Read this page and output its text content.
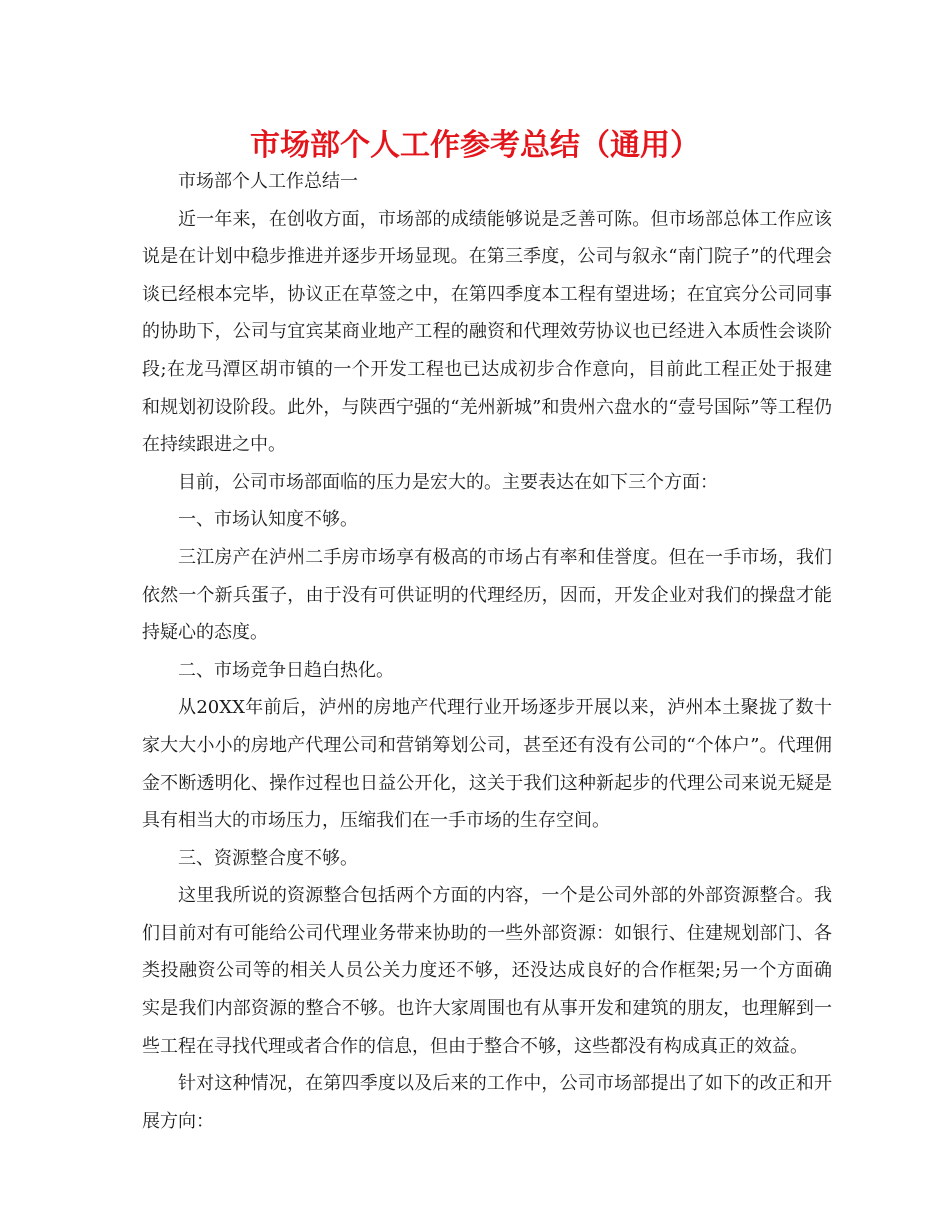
市场部个人工作参考总结（通用）

市场部个人工作总结一

近一年来，在创收方面，市场部的成绩能够说是乏善可陈。但市场部总体工作应该说是在计划中稳步推进并逐步开场显现。在第三季度，公司与叙永“南门院子”的代理会谈已经根本完毕，协议正在草签之中，在第四季度本工程有望进场；在宜宾分公司同事的协助下，公司与宜宾某商业地产工程的融资和代理效劳协议也已经进入本质性会谈阶段;在龙马潭区胡市镇的一个开发工程也已达成初步合作意向，目前此工程正处于报建和规划初设阶段。此外，与陕西宁强的“羌州新城”和贵州六盘水的“壹号国际”等工程仍在持续跟进之中。

目前，公司市场部面临的压力是宏大的。主要表达在如下三个方面：

一、市场认知度不够。

三江房产在泸州二手房市场享有极高的市场占有率和佳誉度。但在一手市场，我们依然一个新兵蛋子，由于没有可供证明的代理经历，因而，开发企业对我们的操盘才能持疑心的态度。

二、市场竞争日趋白热化。

从20XX年前后，泸州的房地产代理行业开场逐步开展以来，泸州本土聚拢了数十家大大小小的房地产代理公司和营销筹划公司，甚至还有没有公司的“个体户”。代理佣金不断透明化、操作过程也日益公开化，这关于我们这种新起步的代理公司来说无疑是具有相当大的市场压力，压缩我们在一手市场的生存空间。

三、资源整合度不够。

这里我所说的资源整合包括两个方面的内容，一个是公司外部的外部资源整合。我们目前对有可能给公司代理业务带来协助的一些外部资源：如银行、住建规划部门、各类投融资公司等的相关人员公关力度还不够，还没达成良好的合作框架;另一个方面确实是我们内部资源的整合不够。也许大家周围也有从事开发和建筑的朋友，也理解到一些工程在寻找代理或者合作的信息，但由于整合不够，这些都没有构成真正的效益。

针对这种情况，在第四季度以及后来的工作中，公司市场部提出了如下的改正和开展方向：
